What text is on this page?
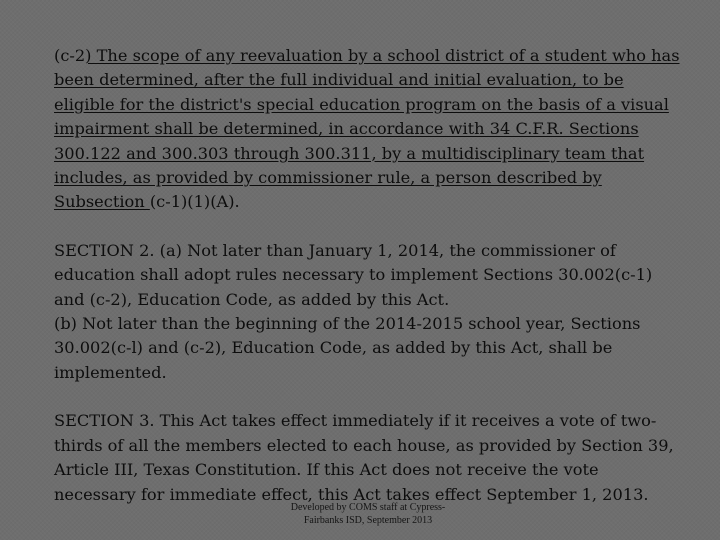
(c-2) The scope of any reevaluation by a school district of a student who has been determined, after the full individual and initial evaluation, to be eligible for the district's special education program on the basis of a visual impairment shall be determined, in accordance with 34 C.F.R. Sections 300.122 and 300.303 through 300.311, by a multidisciplinary team that includes, as provided by commissioner rule, a person described by Subsection (c-1)(1)(A).

SECTION 2. (a) Not later than January 1, 2014, the commissioner of education shall adopt rules necessary to implement Sections 30.002(c-1) and (c-2), Education Code, as added by this Act.

(b) Not later than the beginning of the 2014-2015 school year, Sections 30.002(c-l) and (c-2), Education Code, as added by this Act, shall be implemented.

SECTION 3. This Act takes effect immediately if it receives a vote of two-thirds of all the members elected to each house, as provided by Section 39, Article III, Texas Constitution. If this Act does not receive the vote necessary for immediate effect, this Act takes effect September 1, 2013.

Developed by COMS staff at Cypress-
Fairbanks ISD, September 2013
